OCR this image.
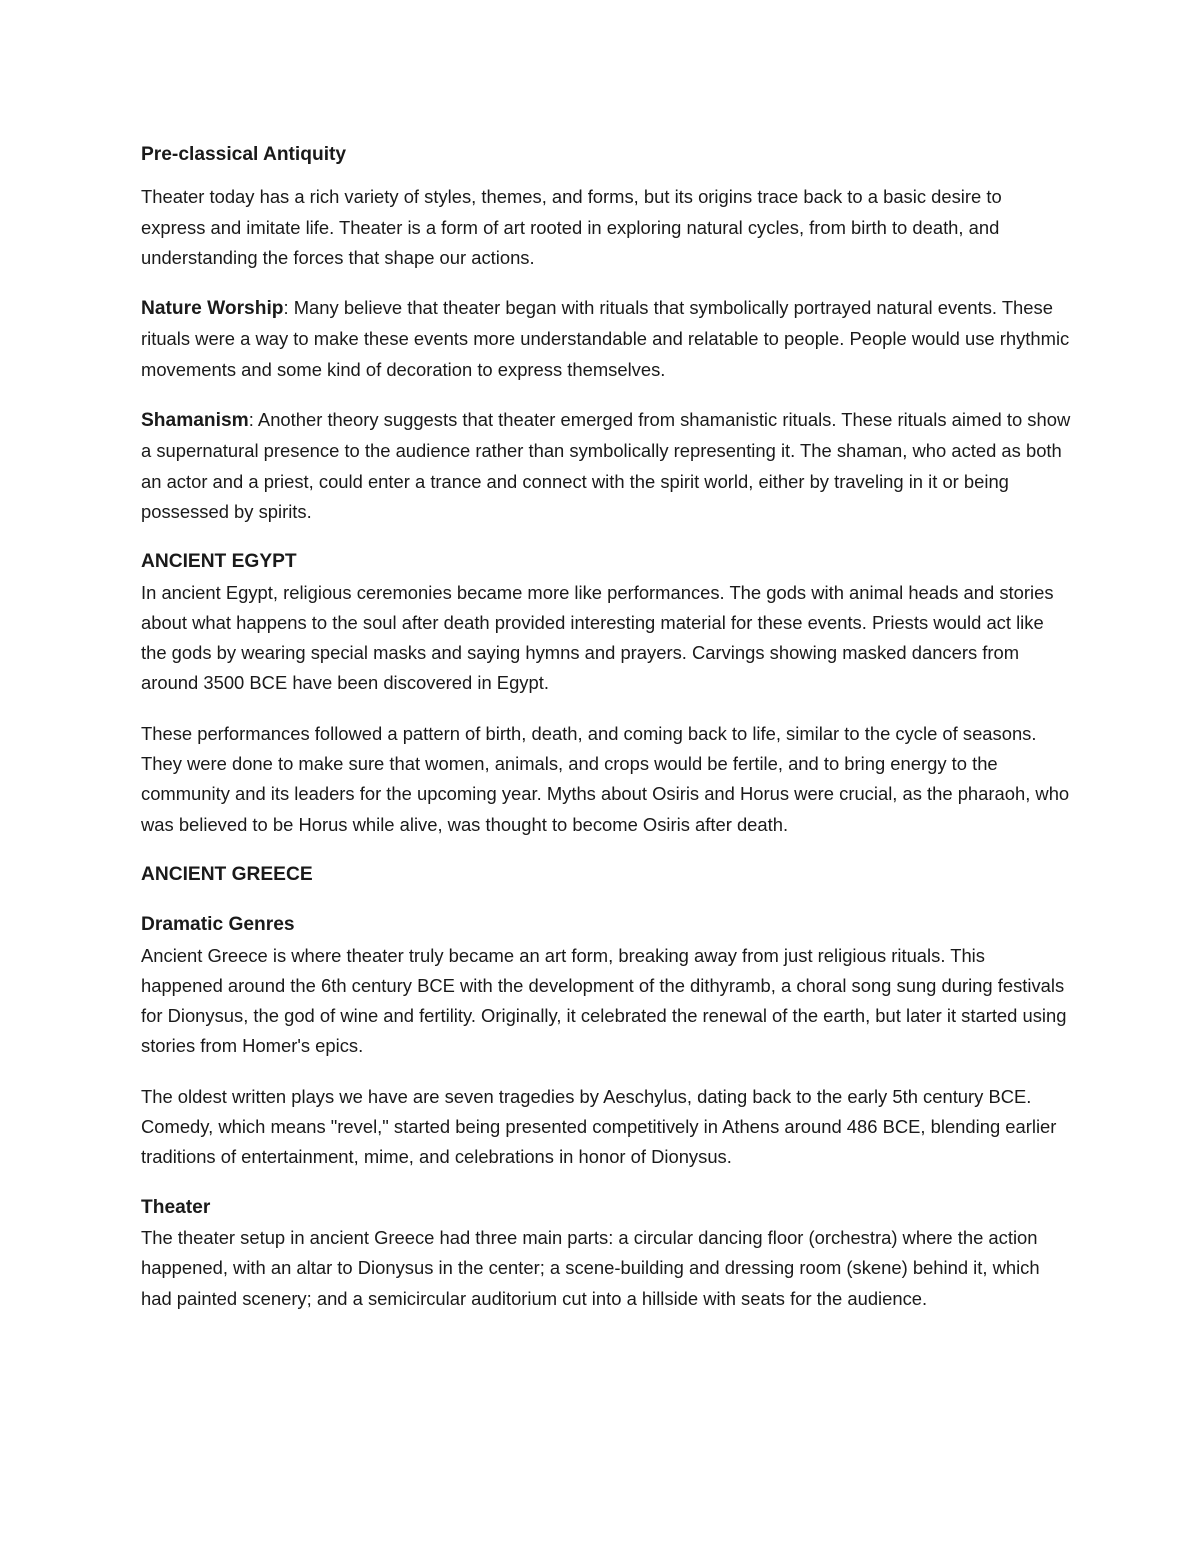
Pre-classical Antiquity

Theater today has a rich variety of styles, themes, and forms, but its origins trace back to a basic desire to express and imitate life. Theater is a form of art rooted in exploring natural cycles, from birth to death, and understanding the forces that shape our actions.

Nature Worship: Many believe that theater began with rituals that symbolically portrayed natural events. These rituals were a way to make these events more understandable and relatable to people. People would use rhythmic movements and some kind of decoration to express themselves.

Shamanism: Another theory suggests that theater emerged from shamanistic rituals. These rituals aimed to show a supernatural presence to the audience rather than symbolically representing it. The shaman, who acted as both an actor and a priest, could enter a trance and connect with the spirit world, either by traveling in it or being possessed by spirits.

ANCIENT EGYPT

In ancient Egypt, religious ceremonies became more like performances. The gods with animal heads and stories about what happens to the soul after death provided interesting material for these events. Priests would act like the gods by wearing special masks and saying hymns and prayers. Carvings showing masked dancers from around 3500 BCE have been discovered in Egypt.

These performances followed a pattern of birth, death, and coming back to life, similar to the cycle of seasons. They were done to make sure that women, animals, and crops would be fertile, and to bring energy to the community and its leaders for the upcoming year. Myths about Osiris and Horus were crucial, as the pharaoh, who was believed to be Horus while alive, was thought to become Osiris after death.

ANCIENT GREECE

Dramatic Genres

Ancient Greece is where theater truly became an art form, breaking away from just religious rituals. This happened around the 6th century BCE with the development of the dithyramb, a choral song sung during festivals for Dionysus, the god of wine and fertility. Originally, it celebrated the renewal of the earth, but later it started using stories from Homer's epics.

The oldest written plays we have are seven tragedies by Aeschylus, dating back to the early 5th century BCE. Comedy, which means "revel," started being presented competitively in Athens around 486 BCE, blending earlier traditions of entertainment, mime, and celebrations in honor of Dionysus.

Theater

The theater setup in ancient Greece had three main parts: a circular dancing floor (orchestra) where the action happened, with an altar to Dionysus in the center; a scene-building and dressing room (skene) behind it, which had painted scenery; and a semicircular auditorium cut into a hillside with seats for the audience.
